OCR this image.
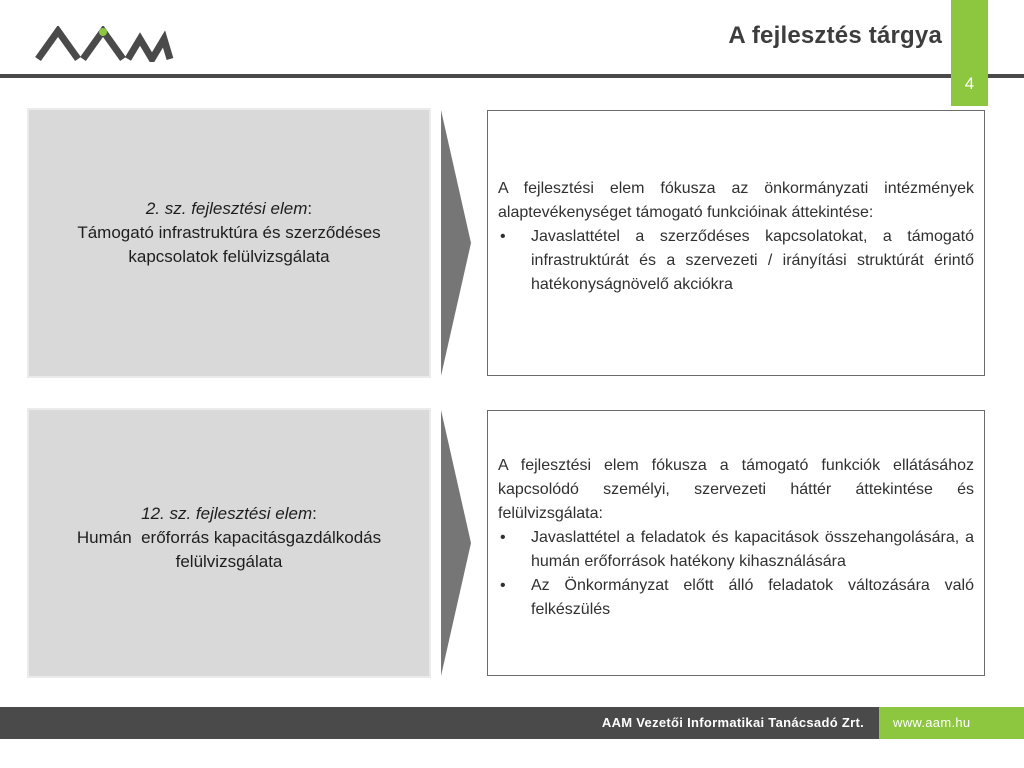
A fejlesztés tárgya
4
2. sz. fejlesztési elem:
Támogató infrastruktúra és szerződéses
kapcsolatok felülvizsgálata

A fejlesztési elem fókusza az önkormányzati intézmények alaptevékenységet támogató funkcióinak áttekintése:

• Javaslattétel a szerződéses kapcsolatokat, a támogató infrastruktúrát és a szervezeti / irányítási struktúrát érintő hatékonyságnövelő akciókra
12. sz. fejlesztési elem:
Humán  erőforrás kapacitásgazdálkodás
felülvizsgálata

A fejlesztési elem fókusza a támogató funkciók ellátásához kapcsolódó személyi, szervezeti háttér áttekintése és felülvizsgálata:

• Javaslattétel a feladatok és kapacitások összehangolására, a humán erőforrások hatékony kihasználására
• Az Önkormányzat előtt álló feladatok változására való felkészülés
AAM Vezetői Informatikai Tanácsadó Zrt. www.aam.hu
